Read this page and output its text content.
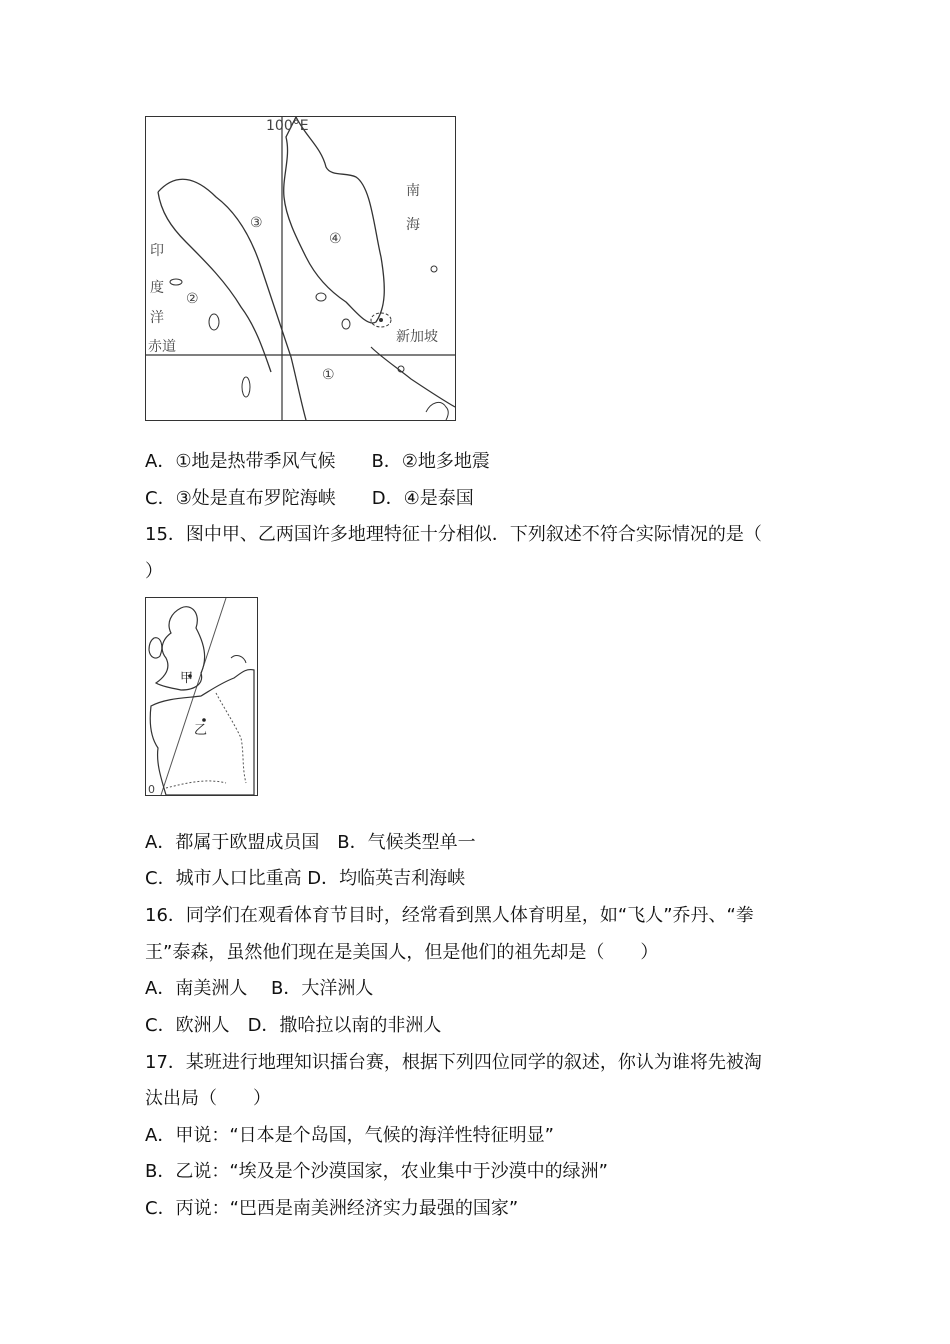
100°E
南
海
印
度
洋
赤道
新加坡
③
④
②
①
A．①地是热带季风气候　　B．②地多地震
C．③处是直布罗陀海峡　　D．④是泰国
15．图中甲、乙两国许多地理特征十分相似．下列叙述不符合实际情况的是（
）
甲
乙
0
A．都属于欧盟成员国　B．气候类型单一
C．城市人口比重高 D．均临英吉利海峡
16．同学们在观看体育节目时，经常看到黑人体育明星，如“飞人”乔丹、“拳
王”泰森，虽然他们现在是美国人，但是他们的祖先却是（　　）
A．南美洲人　 B．大洋洲人
C．欧洲人　D．撒哈拉以南的非洲人
17．某班进行地理知识擂台赛，根据下列四位同学的叙述，你认为谁将先被淘
汰出局（　　）
A．甲说：“日本是个岛国，气候的海洋性特征明显”
B．乙说：“埃及是个沙漠国家，农业集中于沙漠中的绿洲”
C．丙说：“巴西是南美洲经济实力最强的国家”
